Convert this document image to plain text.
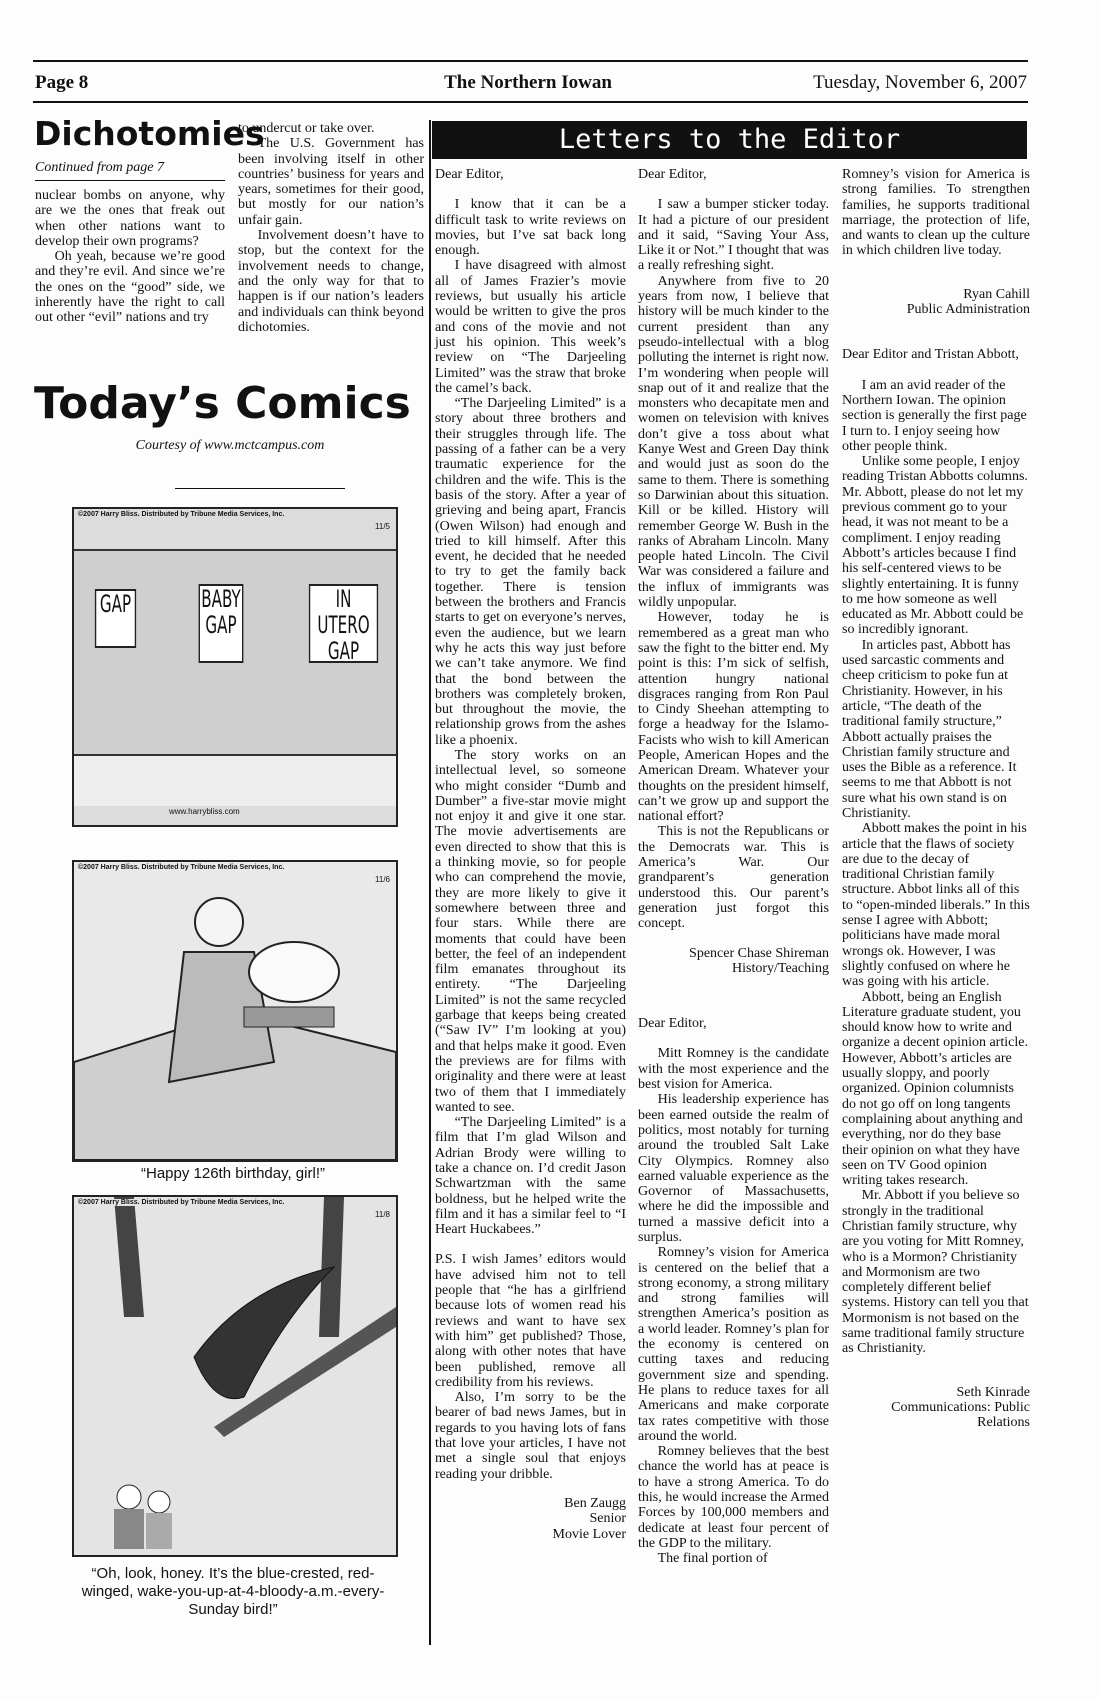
Page 8	The Northern Iowan	Tuesday, November 6, 2007
Dichotomies
Continued from page 7

nuclear bombs on anyone, why are we the ones that freak out when other nations want to develop their own programs?

Oh yeah, because we’re good and they’re evil. And since we’re the ones on the “good” side, we inherently have the right to call out other “evil” nations and try

to undercut or take over.

The U.S. Government has been involving itself in other countries’ business for years and years, sometimes for their good, but mostly for our nation’s unfair gain.

Involvement doesn’t have to stop, but the context for the involvement needs to change, and the only way for that to happen is if our nation’s leaders and individuals can think beyond dichotomies.

Today’s Comics
Courtesy of www.mctcampus.com
©2007 Harry Bliss. Distributed by Tribune Media Services, Inc.
11/5
GAP	BABY GAP
IN UTERO GAP
www.harrybliss.com
©2007 Harry Bliss. Distributed by Tribune Media Services, Inc.
11/6
“Happy 126th birthday, girl!”
©2007 Harry Bliss. Distributed by Tribune Media Services, Inc.
11/8
“Oh, look, honey. It’s the blue-crested, red-winged, wake-you-up-at-4-bloody-a.m.-every-Sunday bird!”
Letters to the Editor

Dear Editor,

I know that it can be a difficult task to write reviews on movies, but I’ve sat back long enough.

I have disagreed with almost all of James Frazier’s movie reviews, but usually his article would be written to give the pros and cons of the movie and not just his opinion. This week’s review on “The Darjeeling Limited” was the straw that broke the camel’s back.

“The Darjeeling Limited” is a story about three brothers and their struggles through life. The passing of a father can be a very traumatic experience for the children and the wife. This is the basis of the story. After a year of grieving and being apart, Francis (Owen Wilson) had enough and tried to kill himself. After this event, he decided that he needed to try to get the family back together. There is tension between the brothers and Francis starts to get on everyone’s nerves, even the audience, but we learn why he acts this way just before we can’t take anymore. We find that the bond between the brothers was completely broken, but throughout the movie, the relationship grows from the ashes like a phoenix.

The story works on an intellectual level, so someone who might consider “Dumb and Dumber” a five-star movie might not enjoy it and give it one star. The movie advertisements are even directed to show that this is a thinking movie, so for people who can comprehend the movie, they are more likely to give it somewhere between three and four stars. While there are moments that could have been better, the feel of an independent film emanates throughout its entirety. “The Darjeeling Limited” is not the same recycled garbage that keeps being created (“Saw IV” I’m looking at you) and that helps make it good. Even the previews are for films with originality and there were at least two of them that I immediately wanted to see.

“The Darjeeling Limited” is a film that I’m glad Wilson and Adrian Brody were willing to take a chance on. I’d credit Jason Schwartzman with the same boldness, but he helped write the film and it has a similar feel to “I Heart Huckabees.”

P.S. I wish James’ editors would have advised him not to tell people that “he has a girlfriend because lots of women read his reviews and want to have sex with him” get published? Those, along with other notes that have been published, remove all credibility from his reviews.

Also, I’m sorry to be the bearer of bad news James, but in regards to you having lots of fans that love your articles, I have not met a single soul that enjoys reading your dribble.

Ben Zaugg
Senior
Movie Lover

Dear Editor,

I saw a bumper sticker today. It had a picture of our president and it said, “Saving Your Ass, Like it or Not.” I thought that was a really refreshing sight.

Anywhere from five to 20 years from now, I believe that history will be much kinder to the current president than any pseudo-intellectual with a blog polluting the internet is right now. I’m wondering when people will snap out of it and realize that the monsters who decapitate men and women on television with knives don’t give a toss about what Kanye West and Green Day think and would just as soon do the same to them. There is something so Darwinian about this situation. Kill or be killed. History will remember George W. Bush in the ranks of Abraham Lincoln. Many people hated Lincoln. The Civil War was considered a failure and the influx of immigrants was wildly unpopular.

However, today he is remembered as a great man who saw the fight to the bitter end. My point is this: I’m sick of selfish, attention hungry national disgraces ranging from Ron Paul to Cindy Sheehan attempting to forge a headway for the Islamo-Facists who wish to kill American People, American Hopes and the American Dream. Whatever your thoughts on the president himself, can’t we grow up and support the national effort?

This is not the Republicans or the Democrats war. This is America’s War. Our grandparent’s generation understood this. Our parent’s generation just forgot this concept.

Spencer Chase Shireman
History/Teaching

Dear Editor,

Mitt Romney is the candidate with the most experience and the best vision for America.

His leadership experience has been earned outside the realm of politics, most notably for turning around the troubled Salt Lake City Olympics. Romney also earned valuable experience as the Governor of Massachusetts, where he did the impossible and turned a massive deficit into a surplus.

Romney’s vision for America is centered on the belief that a strong economy, a strong military and strong families will strengthen America’s position as a world leader. Romney’s plan for the economy is centered on cutting taxes and reducing government size and spending. He plans to reduce taxes for all Americans and make corporate tax rates competitive with those around the world.

Romney believes that the best chance the world has at peace is to have a strong America. To do this, he would increase the Armed Forces by 100,000 members and dedicate at least four percent of the GDP to the military.

The final portion of

Romney’s vision for America is strong families. To strengthen families, he supports traditional marriage, the protection of life, and wants to clean up the culture in which children live today.

Ryan Cahill
Public Administration

Dear Editor and Tristan Abbott,

I am an avid reader of the Northern Iowan. The opinion section is generally the first page I turn to. I enjoy seeing how other people think.

Unlike some people, I enjoy reading Tristan Abbotts columns. Mr. Abbott, please do not let my previous comment go to your head, it was not meant to be a compliment. I enjoy reading Abbott’s articles because I find his self-centered views to be slightly entertaining. It is funny to me how someone as well educated as Mr. Abbott could be so incredibly ignorant.

In articles past, Abbott has used sarcastic comments and cheep criticism to poke fun at Christianity. However, in his article, “The death of the traditional family structure,” Abbott actually praises the Christian family structure and uses the Bible as a reference. It seems to me that Abbott is not sure what his own stand is on Christianity.

Abbott makes the point in his article that the flaws of society are due to the decay of traditional Christian family structure. Abbot links all of this to “open-minded liberals.” In this sense I agree with Abbott; politicians have made moral wrongs ok. However, I was slightly confused on where he was going with his article.

Abbott, being an English Literature graduate student, you should know how to write and organize a decent opinion article. However, Abbott’s articles are usually sloppy, and poorly organized. Opinion columnists do not go off on long tangents complaining about anything and everything, nor do they base their opinion on what they have seen on TV Good opinion writing takes research.

Mr. Abbott if you believe so strongly in the traditional Christian family structure, why are you voting for Mitt Romney, who is a Mormon? Christianity and Mormonism are two completely different belief systems. History can tell you that Mormonism is not based on the same traditional family structure as Christianity.

Seth Kinrade
Communications: Public Relations
